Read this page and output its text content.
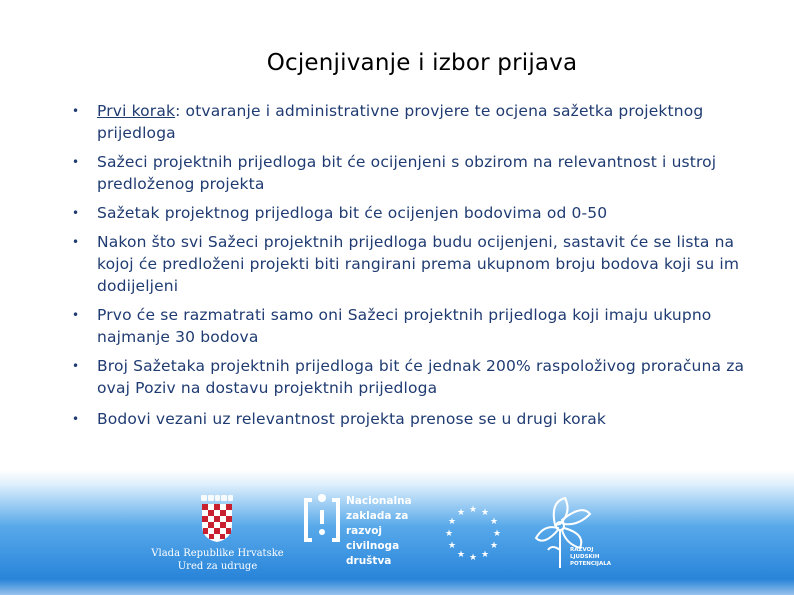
Ocjenjivanje i izbor prijava
• Prvi korak: otvaranje i administrativne provjere te ocjena sažetka projektnog prijedloga
• Sažeci projektnih prijedloga bit će ocijenjeni s obzirom na relevantnost i ustroj predloženog projekta
• Sažetak projektnog prijedloga bit će ocijenjen bodovima od 0-50
• Nakon što svi Sažeci projektnih prijedloga budu ocijenjeni, sastavit će se lista na kojoj će predloženi projekti biti rangirani prema ukupnom broju bodova koji su im dodijeljeni
• Prvo će se razmatrati samo oni Sažeci projektnih prijedloga koji imaju ukupno najmanje 30 bodova
• Broj Sažetaka projektnih prijedloga bit će jednak 200% raspoloživog proračuna za ovaj Poziv na dostavu projektnih prijedloga
• Bodovi vezani uz relevantnost projekta prenose se u drugi korak
Vlada Republike Hrvatske
Ured za udruge
Nacionalna
zaklada za
razvoj
civilnoga
društva
★ ★
★
★
★
★
★
★
★
★
★
★
RAZVOJ
LJUDSKIH
POTENCIJALA
